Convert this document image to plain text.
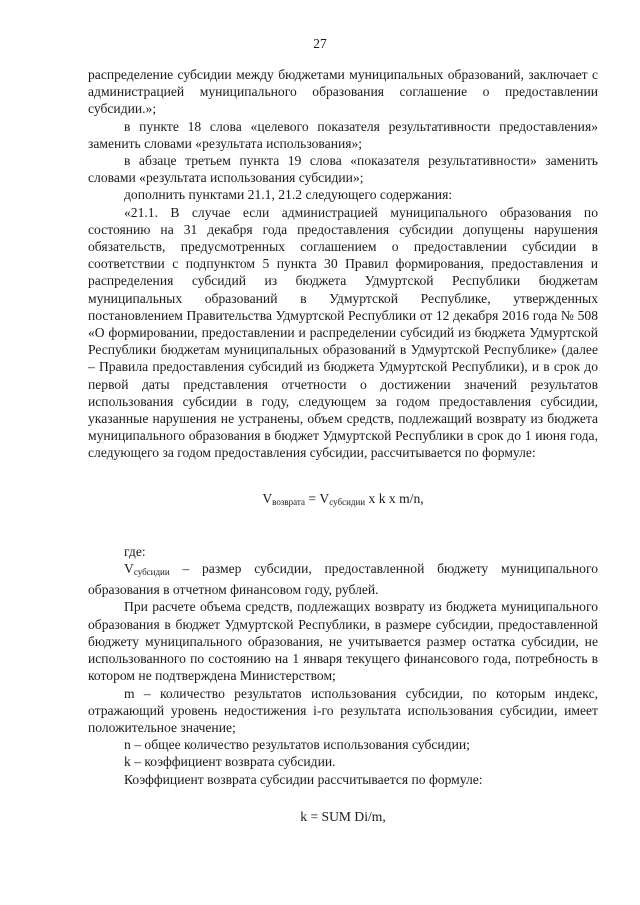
27

распределение субсидии между бюджетами муниципальных образований, заключает с администрацией муниципального образования соглашение о предоставлении субсидии.»;

в пункте 18 слова «целевого показателя результативности предоставления» заменить словами «результата использования»;

в абзаце третьем пункта 19 слова «показателя результативности» заменить словами «результата использования субсидии»;

дополнить пунктами 21.1, 21.2 следующего содержания:

«21.1. В случае если администрацией муниципального образования по состоянию на 31 декабря года предоставления субсидии допущены нарушения обязательств, предусмотренных соглашением о предоставлении субсидии в соответствии с подпунктом 5 пункта 30 Правил формирования, предоставления и распределения субсидий из бюджета Удмуртской Республики бюджетам муниципальных образований в Удмуртской Республике, утвержденных постановлением Правительства Удмуртской Республики от 12 декабря 2016 года № 508 «О формировании, предоставлении и распределении субсидий из бюджета Удмуртской Республики бюджетам муниципальных образований в Удмуртской Республике» (далее – Правила предоставления субсидий из бюджета Удмуртской Республики), и в срок до первой даты представления отчетности о достижении значений результатов использования субсидии в году, следующем за годом предоставления субсидии, указанные нарушения не устранены, объем средств, подлежащий возврату из бюджета муниципального образования в бюджет Удмуртской Республики в срок до 1 июня года, следующего за годом предоставления субсидии, рассчитывается по формуле:

$V_{возврата} = V_{субсидии}$ x k x m/n,

где:

$V_{субсидии}$ – размер субсидии, предоставленной бюджету муниципального образования в отчетном финансовом году, рублей.

При расчете объема средств, подлежащих возврату из бюджета муниципального образования в бюджет Удмуртской Республики, в размере субсидии, предоставленной бюджету муниципального образования, не учитывается размер остатка субсидии, не использованного по состоянию на 1 января текущего финансового года, потребность в котором не подтверждена Министерством;

m – количество результатов использования субсидии, по которым индекс, отражающий уровень недостижения i-го результата использования субсидии, имеет положительное значение;

n – общее количество результатов использования субсидии;

k – коэффициент возврата субсидии.

Коэффициент возврата субсидии рассчитывается по формуле:

k = SUM Di/m,
